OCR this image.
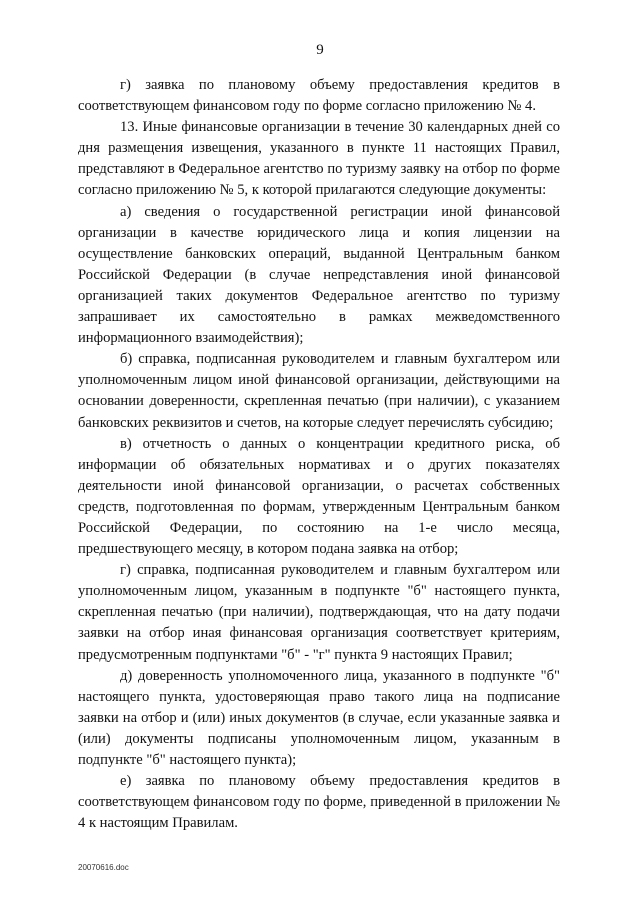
9

г) заявка по плановому объему предоставления кредитов в соответствующем финансовом году по форме согласно приложению № 4.

13. Иные финансовые организации в течение 30 календарных дней со дня размещения извещения, указанного в пункте 11 настоящих Правил, представляют в Федеральное агентство по туризму заявку на отбор по форме согласно приложению № 5, к которой прилагаются следующие документы:

а) сведения о государственной регистрации иной финансовой организации в качестве юридического лица и копия лицензии на осуществление банковских операций, выданной Центральным банком Российской Федерации (в случае непредставления иной финансовой организацией таких документов Федеральное агентство по туризму запрашивает их самостоятельно в рамках межведомственного информационного взаимодействия);

б) справка, подписанная руководителем и главным бухгалтером или уполномоченным лицом иной финансовой организации, действующими на основании доверенности, скрепленная печатью (при наличии), с указанием банковских реквизитов и счетов, на которые следует перечислять субсидию;

в) отчетность о данных о концентрации кредитного риска, об информации об обязательных нормативах и о других показателях деятельности иной финансовой организации, о расчетах собственных средств, подготовленная по формам, утвержденным Центральным банком Российской Федерации, по состоянию на 1-е число месяца, предшествующего месяцу, в котором подана заявка на отбор;

г) справка, подписанная руководителем и главным бухгалтером или уполномоченным лицом, указанным в подпункте "б" настоящего пункта, скрепленная печатью (при наличии), подтверждающая, что на дату подачи заявки на отбор иная финансовая организация соответствует критериям, предусмотренным подпунктами "б" - "г" пункта 9 настоящих Правил;

д) доверенность уполномоченного лица, указанного в подпункте "б" настоящего пункта, удостоверяющая право такого лица на подписание заявки на отбор и (или) иных документов (в случае, если указанные заявка и (или) документы подписаны уполномоченным лицом, указанным в подпункте "б" настоящего пункта);

е) заявка по плановому объему предоставления кредитов в соответствующем финансовом году по форме, приведенной в приложении № 4 к настоящим Правилам.

20070616.doc
